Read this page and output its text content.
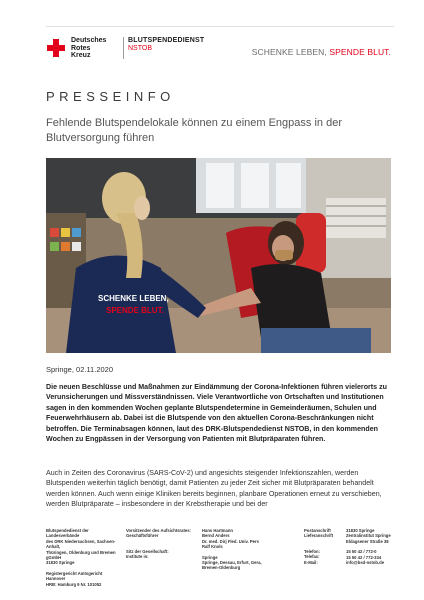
Deutsches
Rotes
Kreuz
BLUTSPENDEDIENST
NSTOB	SCHENKE LEBEN, SPENDE BLUT.
PRESSEINFO
Fehlende Blutspendelokale können zu einem Engpass in der Blutversorgung führen
SCHENKE LEBEN,
SPENDE BLUT.
Springe, 02.11.2020
Die neuen Beschlüsse und Maßnahmen zur Eindämmung der Corona-Infektionen führen vielerorts zu Verunsicherungen und Missverständnissen. Viele Verantwortliche von Ortschaften und Institutionen sagen in den kommenden Wochen geplante Blutspendetermine in Gemeinderäumen, Schulen und Feuerwehrhäusern ab. Dabei ist die Blutspende von den aktuellen Corona-Beschränkungen nicht betroffen. Die Terminabsagen können, laut des DRK-Blutspendedienst NSTOB, in den kommenden Wochen zu Engpässen in der Versorgung von Patienten mit Blutpräparaten führen.
Auch in Zeiten des Coronavirus (SARS-CoV-2) und angesichts steigender Infektionszahlen, werden Blutspenden weiterhin täglich benötigt, damit Patienten zu jeder Zeit sicher mit Blutpräparaten behandelt werden können. Auch wenn einige Kliniken bereits beginnen, planbare Operationen erneut zu verschieben, werden Blutpräparate – insbesondere in der Krebstherapie und bei der
Blutspendedienst der Landesverbände
des DRK Niedersachsen, Sachsen-Anhalt,
Thüringen, Oldenburg und Bremen gGmbH
31830 Springe
Registergericht Amtsgericht Hannover
HRB: Hamburg 9 Nr. 101052
Vorsitzender des Aufsichtsrates:
Geschäftsführer
Sitz der Gesellschaft:
Institute in:
Hans Hartmann
Bernd Anders
Dr. med. Dirj Fled. Univ. Pers
Ralf Knols
Springe
Springe, Dessau, Erfurt, Gera,
Bremen-Oldenburg
Postanschrift
Lieferanschrift
Telefon:
Telefax:
E-Mail:
31830 Springe
Zentralinstitut Springe
Eldagsener Straße 38
15 50 42 / 772-0
15 50 42 / 772-334
info@bsd-nstob.de
